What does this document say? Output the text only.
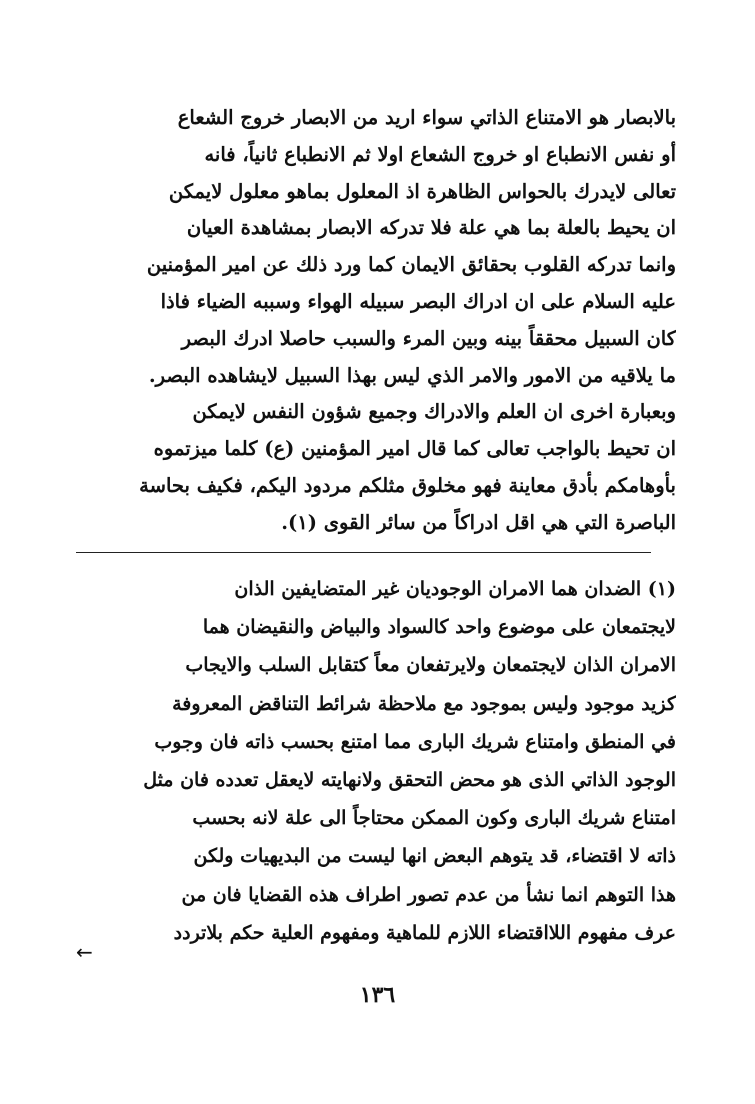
بالابصار هو الامتناع الذاتي سواء اريد من الابصار خروج الشعاع

أو نفس الانطباع او خروج الشعاع اولا ثم الانطباع ثانياً، فانه

تعالى لايدرك بالحواس الظاهرة اذ المعلول بماهو معلول لايمكن

ان يحيط بالعلة بما هي علة فلا تدركه الابصار بمشاهدة العيان

وانما تدركه القلوب بحقائق الايمان كما ورد ذلك عن امير المؤمنين

عليه السلام على ان ادراك البصر سبيله الهواء وسببه الضياء فاذا

كان السبيل محققاً بينه وبين المرء والسبب حاصلا ادرك البصر

ما يلاقيه من الامور والامر الذي ليس بهذا السبيل لايشاهده البصر.

وبعبارة اخرى ان العلم والادراك وجميع شؤون النفس لايمكن

ان تحيط بالواجب تعالى كما قال امير المؤمنين (ع) كلما ميزتموه

بأوهامكم بأدق معاينة فهو مخلوق مثلكم مردود اليكم، فكيف بحاسة

الباصرة التي هي اقل ادراكاً من سائر القوى (١).

(١) الضدان هما الامران الوجوديان غير المتضايفين الذان

لايجتمعان على موضوع واحد كالسواد والبياض والنقيضان هما

الامران الذان لايجتمعان ولايرتفعان معاً كتقابل السلب والايجاب

كزيد موجود وليس بموجود مع ملاحظة شرائط التناقض المعروفة

في المنطق وامتناع شريك البارى مما امتنع بحسب ذاته فان وجوب

الوجود الذاتي الذى هو محض التحقق ولانهايته لايعقل تعدده فان مثل

امتناع شريك البارى وكون الممكن محتاجاً الى علة لانه بحسب

ذاته لا اقتضاء، قد يتوهم البعض انها ليست من البديهيات ولكن

هذا التوهم انما نشأ من عدم تصور اطراف هذه القضايا فان من

عرف مفهوم اللااقتضاء اللازم للماهية ومفهوم العلية حكم بلاتردد

←
١٣٦
